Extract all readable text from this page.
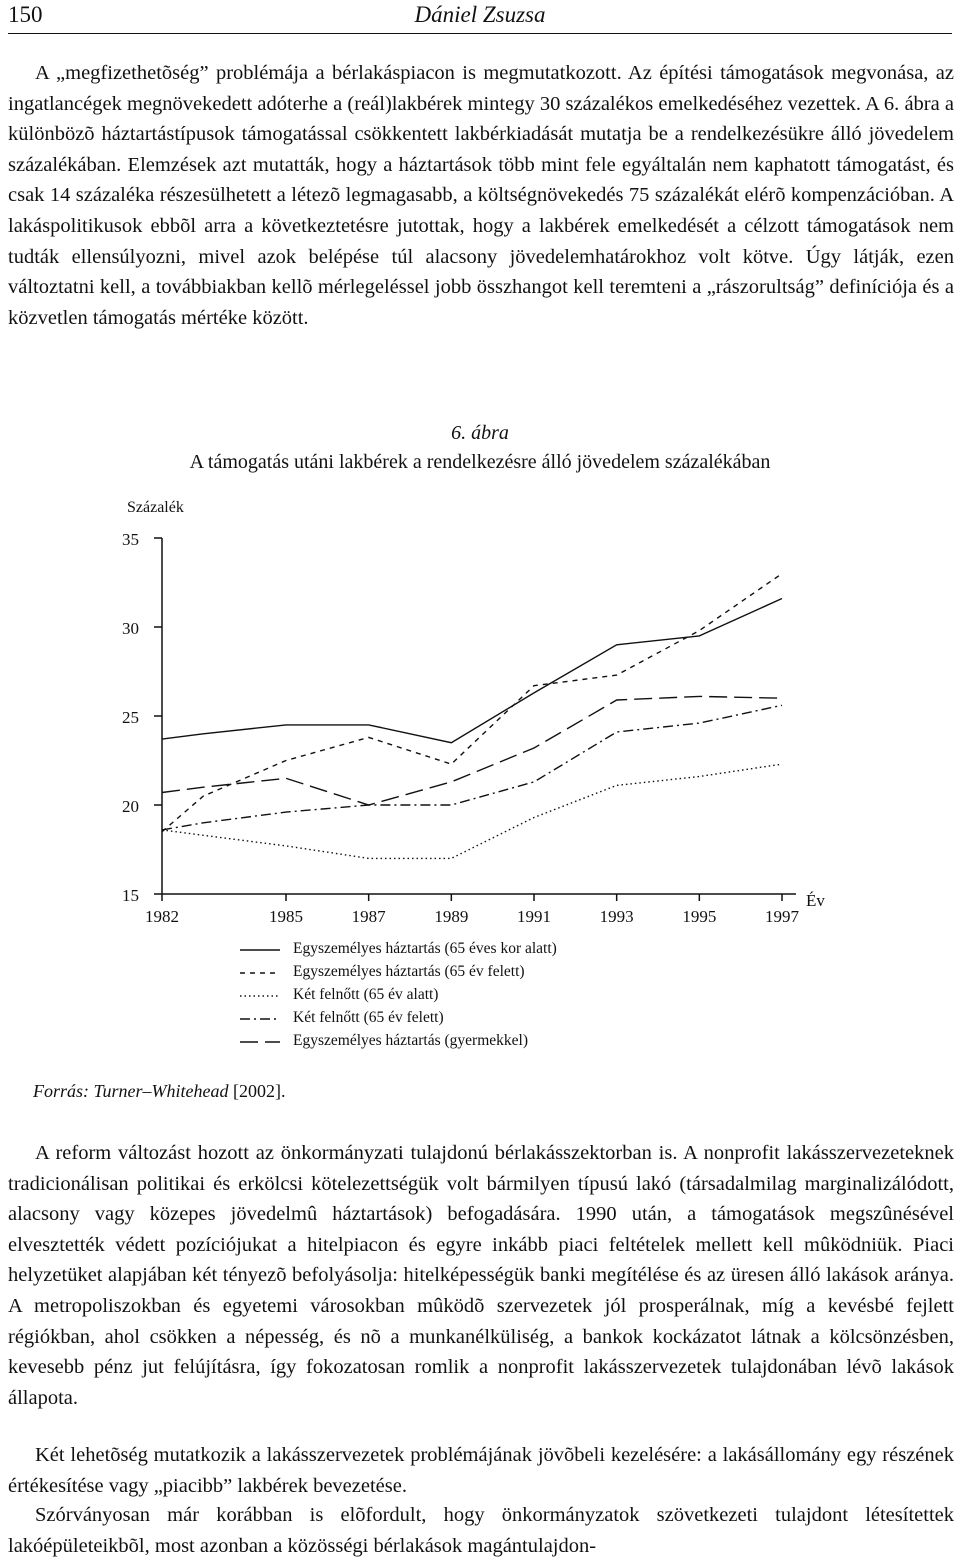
150	Dániel Zsuzsa

A „megfizethetõség” problémája a bérlakáspiacon is megmutatkozott. Az építési támogatások megvonása, az ingatlancégek megnövekedett adóterhe a (reál)lakbérek mintegy 30 százalékos emelkedéséhez vezettek. A 6. ábra a különbözõ háztartástípusok támogatással csökkentett lakbérkiadását mutatja be a rendelkezésükre álló jövedelem százalékában. Elemzések azt mutatták, hogy a háztartások több mint fele egyáltalán nem kaphatott támogatást, és csak 14 százaléka részesülhetett a létezõ legmagasabb, a költségnövekedés 75 százalékát elérõ kompenzációban. A lakáspolitikusok ebbõl arra a következtetésre jutottak, hogy a lakbérek emelkedését a célzott támogatások nem tudták ellensúlyozni, mivel azok belépése túl alacsony jövedelemhatárokhoz volt kötve. Úgy látják, ezen változtatni kell, a továbbiakban kellõ mérlegeléssel jobb összhangot kell teremteni a „rászorultság” definíciója és a közvetlen támogatás mértéke között.

6. ábra
A támogatás utáni lakbérek a rendelkezésre álló jövedelem százalékában
15
20
25
30
35
1982	1985	1987	1989	1991	1993	1995	1997
Százalék
Év
Egyszemélyes háztartás (65 éves kor alatt)
Egyszemélyes háztartás (65 év felett)
Két felnőtt (65 év alatt)
Két felnőtt (65 év felett)
Egyszemélyes háztartás (gyermekkel)
Forrás: Turner–Whitehead [2002].

A reform változást hozott az önkormányzati tulajdonú bérlakásszektorban is. A nonprofit lakásszervezeteknek tradicionálisan politikai és erkölcsi kötelezettségük volt bármilyen típusú lakó (társadalmilag marginalizálódott, alacsony vagy közepes jövedelmû háztartások) befogadására. 1990 után, a támogatások megszûnésével elvesztették védett pozíciójukat a hitelpiacon és egyre inkább piaci feltételek mellett kell mûködniük. Piaci helyzetüket alapjában két tényezõ befolyásolja: hitelképességük banki megítélése és az üresen álló lakások aránya. A metropoliszokban és egyetemi városokban mûködõ szervezetek jól prosperálnak, míg a kevésbé fejlett régiókban, ahol csökken a népesség, és nõ a munkanélküliség, a bankok kockázatot látnak a kölcsönzésben, kevesebb pénz jut felújításra, így fokozatosan romlik a nonprofit lakásszervezetek tulajdonában lévõ lakások állapota.

Két lehetõség mutatkozik a lakásszervezetek problémájának jövõbeli kezelésére: a lakásállomány egy részének értékesítése vagy „piacibb” lakbérek bevezetése.

Szórványosan már korábban is elõfordult, hogy önkormányzatok szövetkezeti tulajdont létesítettek lakóépületeikbõl, most azonban a közösségi bérlakások magántulajdon-
